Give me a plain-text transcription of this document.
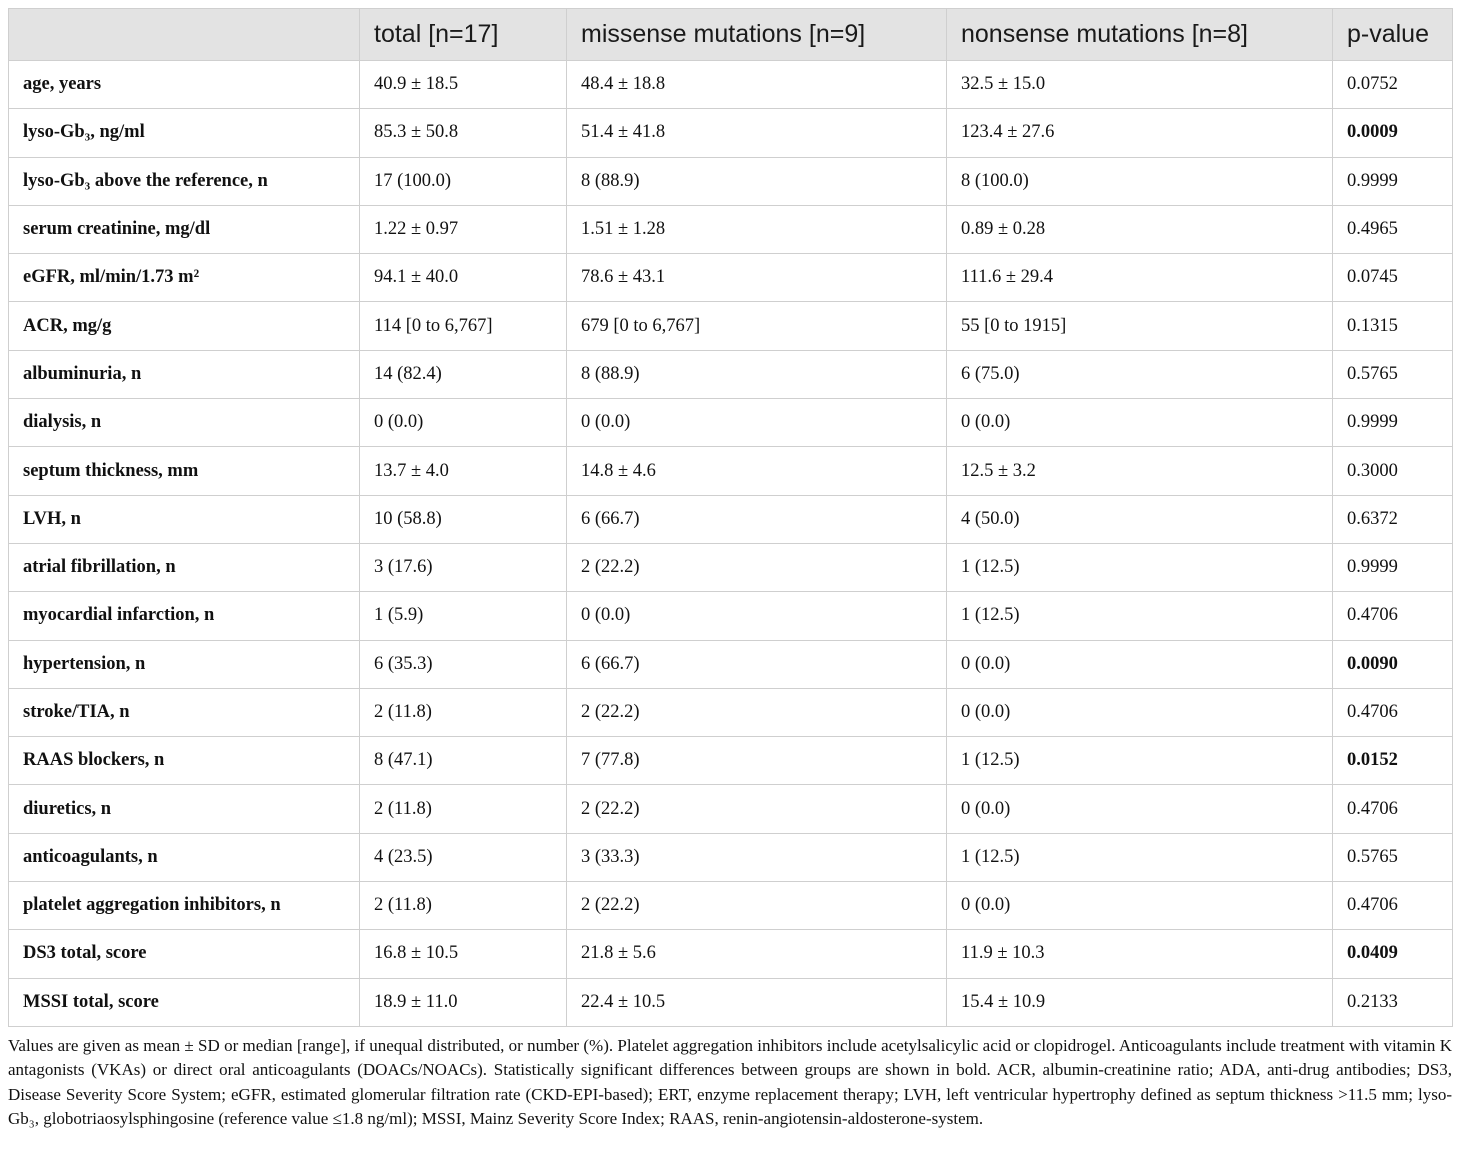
	total [n=17]	missense mutations [n=9]	nonsense mutations [n=8]	p-value
age, years	40.9 ± 18.5	48.4 ± 18.8	32.5 ± 15.0	0.0752
lyso-Gb₃, ng/ml	85.3 ± 50.8	51.4 ± 41.8	123.4 ± 27.6	0.0009
lyso-Gb₃ above the reference, n	17 (100.0)	8 (88.9)	8 (100.0)	0.9999
serum creatinine, mg/dl	1.22 ± 0.97	1.51 ± 1.28	0.89 ± 0.28	0.4965
eGFR, ml/min/1.73 m²	94.1 ± 40.0	78.6 ± 43.1	111.6 ± 29.4	0.0745
ACR, mg/g	114 [0 to 6,767]	679 [0 to 6,767]	55 [0 to 1915]	0.1315
albuminuria, n	14 (82.4)	8 (88.9)	6 (75.0)	0.5765
dialysis, n	0 (0.0)	0 (0.0)	0 (0.0)	0.9999
septum thickness, mm	13.7 ± 4.0	14.8 ± 4.6	12.5 ± 3.2	0.3000
LVH, n	10 (58.8)	6 (66.7)	4 (50.0)	0.6372
atrial fibrillation, n	3 (17.6)	2 (22.2)	1 (12.5)	0.9999
myocardial infarction, n	1 (5.9)	0 (0.0)	1 (12.5)	0.4706
hypertension, n	6 (35.3)	6 (66.7)	0 (0.0)	0.0090
stroke/TIA, n	2 (11.8)	2 (22.2)	0 (0.0)	0.4706
RAAS blockers, n	8 (47.1)	7 (77.8)	1 (12.5)	0.0152
diuretics, n	2 (11.8)	2 (22.2)	0 (0.0)	0.4706
anticoagulants, n	4 (23.5)	3 (33.3)	1 (12.5)	0.5765
platelet aggregation inhibitors, n	2 (11.8)	2 (22.2)	0 (0.0)	0.4706
DS3 total, score	16.8 ± 10.5	21.8 ± 5.6	11.9 ± 10.3	0.0409
MSSI total, score	18.9 ± 11.0	22.4 ± 10.5	15.4 ± 10.9	0.2133
Values are given as mean ± SD or median [range], if unequal distributed, or number (%). Platelet aggregation inhibitors include acetylsalicylic acid or clopidrogel. Anticoagulants include treatment with vitamin K antagonists (VKAs) or direct oral anticoagulants (DOACs/NOACs). Statistically significant differences between groups are shown in bold. ACR, albumin-creatinine ratio; ADA, anti-drug antibodies; DS3, Disease Severity Score System; eGFR, estimated glomerular filtration rate (CKD-EPI-based); ERT, enzyme replacement therapy; LVH, left ventricular hypertrophy defined as septum thickness >11.5 mm; lyso-Gb₃, globotriaosylsphingosine (reference value ≤1.8 ng/ml); MSSI, Mainz Severity Score Index; RAAS, renin-angiotensin-aldosterone-system.
